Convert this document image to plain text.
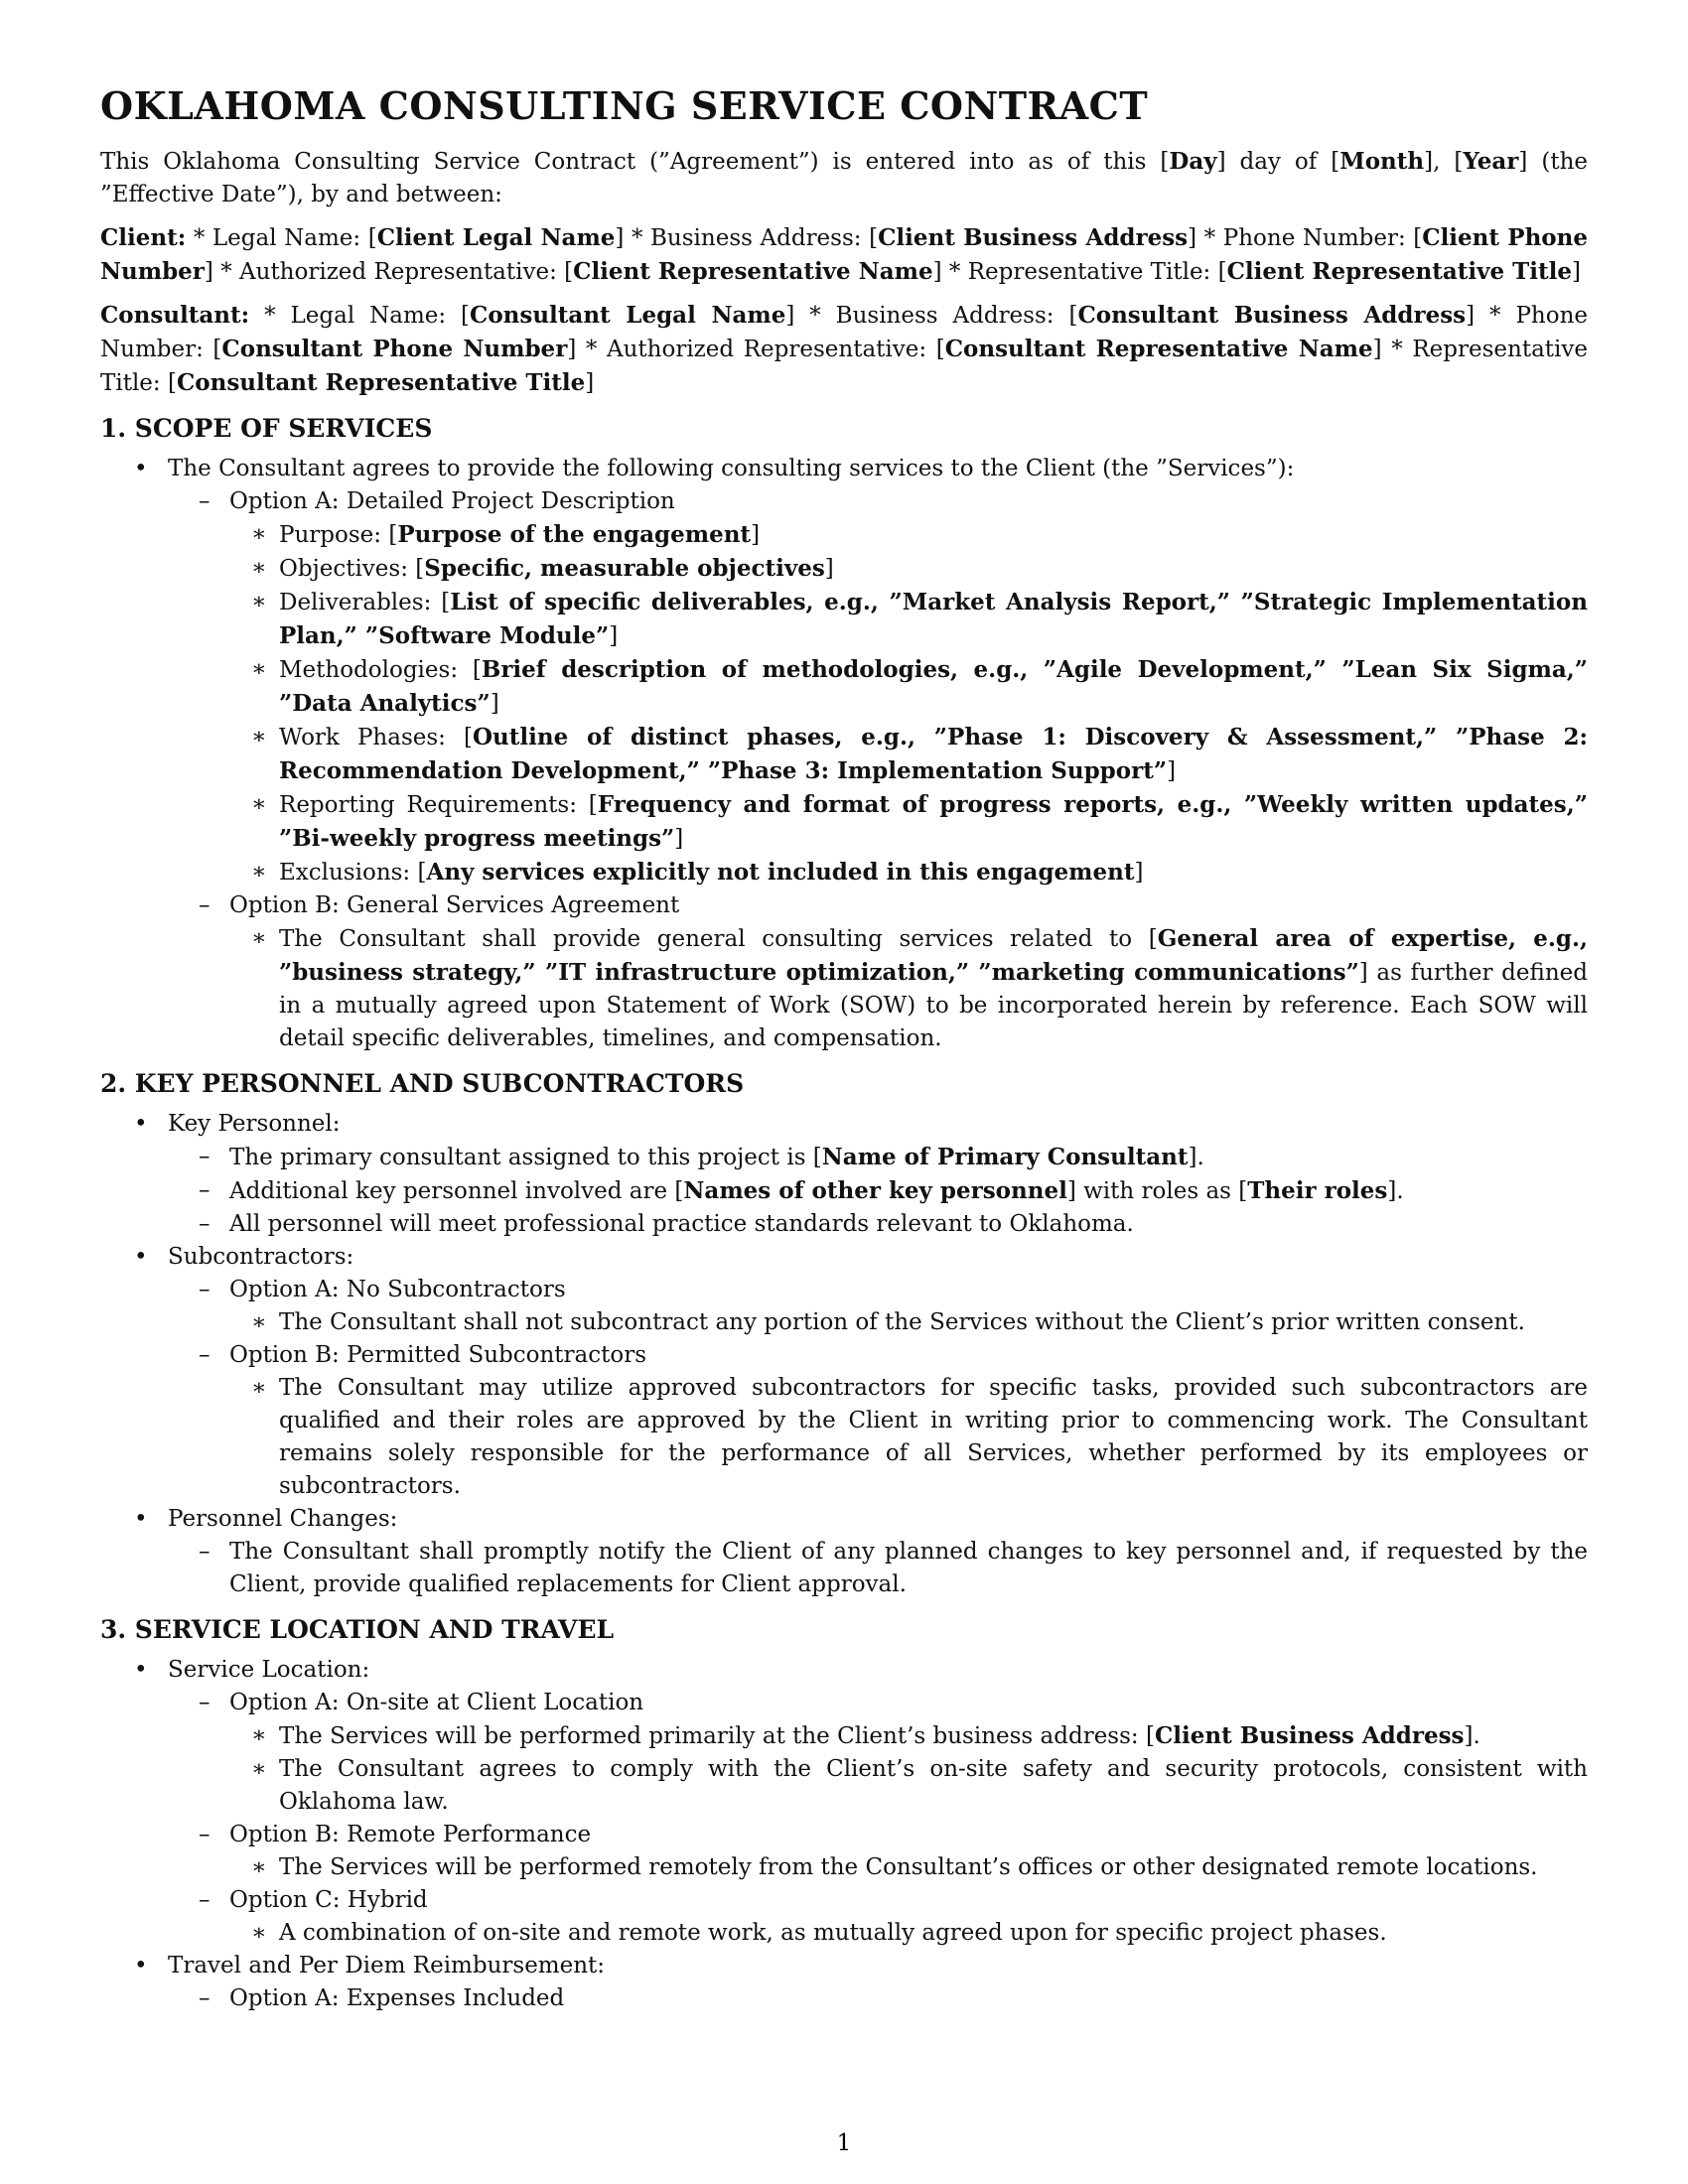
OKLAHOMA CONSULTING SERVICE CONTRACT

This Oklahoma Consulting Service Contract (”Agreement”) is entered into as of this [Day] day of [Month], [Year] (the ”Effective Date”), by and between:

Client: * Legal Name: [Client Legal Name] * Business Address: [Client Business Address] * Phone Number: [Client Phone Number] * Authorized Representative: [Client Representative Name] * Representative Title: [Client Representative Title]

Consultant: * Legal Name: [Consultant Legal Name] * Business Address: [Consultant Business Address] * Phone Number: [Consultant Phone Number] * Authorized Representative: [Consultant Representative Name] * Representative Title: [Consultant Representative Title]

1. SCOPE OF SERVICES
• The Consultant agrees to provide the following consulting services to the Client (the ”Services”):
– Option A: Detailed Project Description
∗ Purpose: [Purpose of the engagement]
∗ Objectives: [Specific, measurable objectives]
∗ Deliverables: [List of specific deliverables, e.g., ”Market Analysis Report,” ”Strategic Implementation Plan,” ”Software Module”]
∗ Methodologies: [Brief description of methodologies, e.g., ”Agile Development,” ”Lean Six Sigma,” ”Data Analytics”]
∗ Work Phases: [Outline of distinct phases, e.g., ”Phase 1: Discovery & Assessment,” ”Phase 2: Recommendation Development,” ”Phase 3: Implementation Support”]
∗ Reporting Requirements: [Frequency and format of progress reports, e.g., ”Weekly written updates,” ”Bi-weekly progress meetings”]
∗ Exclusions: [Any services explicitly not included in this engagement]
– Option B: General Services Agreement
∗ The Consultant shall provide general consulting services related to [General area of expertise, e.g., ”business strategy,” ”IT infrastructure optimization,” ”marketing communications”] as further defined in a mutually agreed upon Statement of Work (SOW) to be incorporated herein by reference. Each SOW will detail specific deliverables, timelines, and compensation.
2. KEY PERSONNEL AND SUBCONTRACTORS
• Key Personnel:
– The primary consultant assigned to this project is [Name of Primary Consultant].
– Additional key personnel involved are [Names of other key personnel] with roles as [Their roles].
– All personnel will meet professional practice standards relevant to Oklahoma.
• Subcontractors:
– Option A: No Subcontractors
∗ The Consultant shall not subcontract any portion of the Services without the Client’s prior written consent.
– Option B: Permitted Subcontractors
∗ The Consultant may utilize approved subcontractors for specific tasks, provided such subcontractors are qualified and their roles are approved by the Client in writing prior to commencing work. The Consultant remains solely responsible for the performance of all Services, whether performed by its employees or subcontractors.
• Personnel Changes:
– The Consultant shall promptly notify the Client of any planned changes to key personnel and, if requested by the Client, provide qualified replacements for Client approval.
3. SERVICE LOCATION AND TRAVEL
• Service Location:
– Option A: On-site at Client Location
∗ The Services will be performed primarily at the Client’s business address: [Client Business Address].
∗ The Consultant agrees to comply with the Client’s on-site safety and security protocols, consistent with Oklahoma law.
– Option B: Remote Performance
∗ The Services will be performed remotely from the Consultant’s offices or other designated remote locations.
– Option C: Hybrid
∗ A combination of on-site and remote work, as mutually agreed upon for specific project phases.
• Travel and Per Diem Reimbursement:
– Option A: Expenses Included
1
